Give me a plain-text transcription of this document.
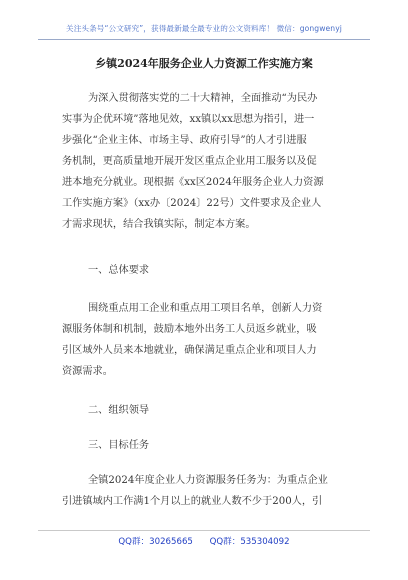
关注头条号“公文研究”，获得最新最全最专业的公文资料库！ 微信：gongwenyj
乡镇2024年服务企业人力资源工作实施方案
为深入贯彻落实党的二十大精神，全面推动“为民办
实事为企优环境”落地见效，xx镇以xx思想为指引，进一
步强化“企业主体、市场主导、政府引导”的人才引进服
务机制，更高质量地开展开发区重点企业用工服务以及促
进本地充分就业。现根据《xx区2024年服务企业人力资源
工作实施方案》（xx办〔2024〕22号）文件要求及企业人
才需求现状，结合我镇实际，制定本方案。
一、总体要求
围绕重点用工企业和重点用工项目名单，创新人力资
源服务体制和机制，鼓励本地外出务工人员返乡就业，吸
引区域外人员来本地就业，确保满足重点企业和项目人力
资源需求。
二、组织领导
三、目标任务
全镇2024年度企业人力资源服务任务为：为重点企业
引进镇域内工作满1个月以上的就业人数不少于200人，引
QQ群：30265665 QQ群：535304092
